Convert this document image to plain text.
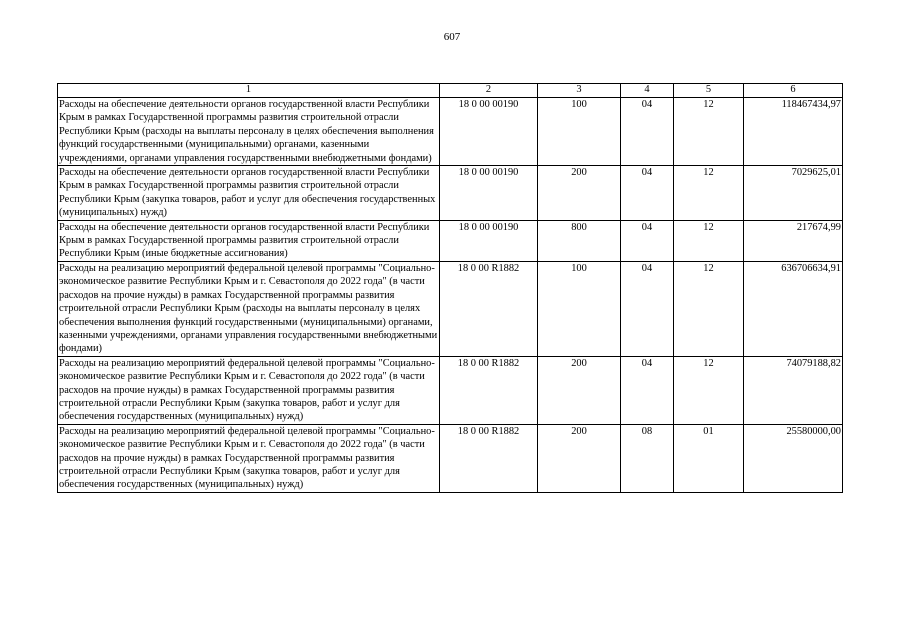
607
1	2	3	4	5	6
Расходы на обеспечение деятельности органов государственной власти Республики Крым в рамках Государственной программы развития строительной отрасли Республики Крым (расходы на выплаты персоналу в целях обеспечения выполнения функций государственными (муниципальными) органами, казенными учреждениями, органами управления государственными внебюджетными фондами)	18 0 00 00190	100	04	12	118467434,97
Расходы на обеспечение деятельности органов государственной власти Республики Крым в рамках Государственной программы развития строительной отрасли Республики Крым (закупка товаров, работ и услуг для обеспечения государственных (муниципальных) нужд)	18 0 00 00190	200	04	12	7029625,01
Расходы на обеспечение деятельности органов государственной власти Республики Крым в рамках Государственной программы развития строительной отрасли Республики Крым (иные бюджетные ассигнования)	18 0 00 00190	800	04	12	217674,99
Расходы на реализацию мероприятий федеральной целевой программы "Социально-экономическое развитие Республики Крым и г. Севастополя до 2022 года" (в части расходов на прочие нужды) в рамках Государственной программы развития строительной отрасли Республики Крым (расходы на выплаты персоналу в целях обеспечения выполнения функций государственными (муниципальными) органами, казенными учреждениями, органами управления государственными внебюджетными фондами)	18 0 00 R1882	100	04	12	636706634,91
Расходы на реализацию мероприятий федеральной целевой программы "Социально-экономическое развитие Республики Крым и г. Севастополя до 2022 года" (в части расходов на прочие нужды) в рамках Государственной программы развития строительной отрасли Республики Крым (закупка товаров, работ и услуг для обеспечения государственных (муниципальных) нужд)	18 0 00 R1882	200	04	12	74079188,82
Расходы на реализацию мероприятий федеральной целевой программы "Социально-экономическое развитие Республики Крым и г. Севастополя до 2022 года" (в части расходов на прочие нужды) в рамках Государственной программы развития строительной отрасли Республики Крым (закупка товаров, работ и услуг для обеспечения государственных (муниципальных) нужд)	18 0 00 R1882	200	08	01	25580000,00
